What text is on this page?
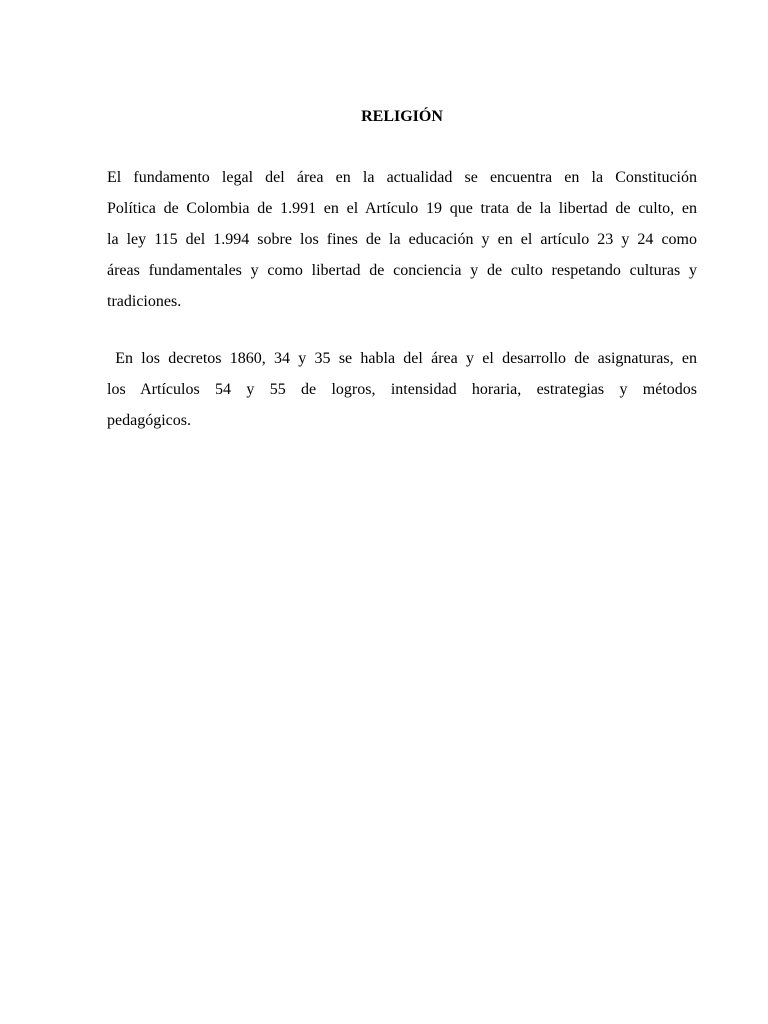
RELIGIÓN

El fundamento legal del área en la actualidad se encuentra en la Constitución
Política de Colombia de 1.991 en el Artículo 19 que trata de la libertad de culto, en
la ley 115 del 1.994 sobre los fines de la educación y en el artículo 23 y 24 como
áreas fundamentales y como libertad de conciencia y de culto respetando culturas y
tradiciones.

En los decretos 1860, 34 y 35 se habla del área y el desarrollo de asignaturas, en
los Artículos 54 y 55 de logros, intensidad horaria, estrategias y métodos
pedagógicos.
